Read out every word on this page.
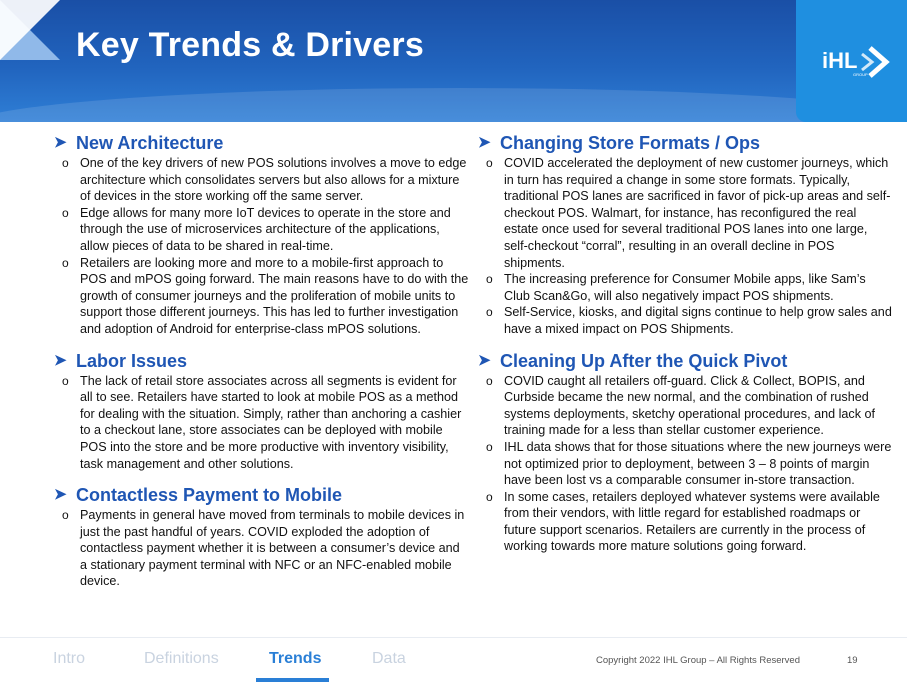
Key Trends & Drivers	iHL
GROUP
➤ New Architecture
o One of the key drivers of new POS solutions involves a move to edge architecture which consolidates servers but also allows for a mixture of devices in the store working off the same server.
o Edge allows for many more IoT devices to operate in the store and through the use of microservices architecture of the applications, allow pieces of data to be shared in real-time.
o Retailers are looking more and more to a mobile-first approach to POS and mPOS going forward. The main reasons have to do with the growth of consumer journeys and the proliferation of mobile units to support those different journeys. This has led to further investigation and adoption of Android for enterprise-class mPOS solutions.
➤ Labor Issues
o The lack of retail store associates across all segments is evident for all to see. Retailers have started to look at mobile POS as a method for dealing with the situation. Simply, rather than anchoring a cashier to a checkout lane, store associates can be deployed with mobile POS into the store and be more productive with inventory visibility, task management and other solutions.
➤ Contactless Payment to Mobile
o Payments in general have moved from terminals to mobile devices in just the past handful of years. COVID exploded the adoption of contactless payment whether it is between a consumer’s device and a stationary payment terminal with NFC or an NFC-enabled mobile device.
➤ Changing Store Formats / Ops
o COVID accelerated the deployment of new customer journeys, which in turn has required a change in some store formats. Typically, traditional POS lanes are sacrificed in favor of pick-up areas and self-checkout POS. Walmart, for instance, has reconfigured the real estate once used for several traditional POS lanes into one large, self-checkout “corral”, resulting in an overall decline in POS shipments.
o The increasing preference for Consumer Mobile apps, like Sam’s Club Scan&Go, will also negatively impact POS shipments.
o Self-Service, kiosks, and digital signs continue to help grow sales and have a mixed impact on POS Shipments.
➤ Cleaning Up After the Quick Pivot
o COVID caught all retailers off-guard. Click & Collect, BOPIS, and Curbside became the new normal, and the combination of rushed systems deployments, sketchy operational procedures, and lack of training made for a less than stellar customer experience.
o IHL data shows that for those situations where the new journeys were not optimized prior to deployment, between 3 – 8 points of margin have been lost vs a comparable consumer in-store transaction.
o In some cases, retailers deployed whatever systems were available from their vendors, with little regard for established roadmaps or future support scenarios. Retailers are currently in the process of working towards more mature solutions going forward.
Intro	Definitions	Trends	Data	Copyright 2022 IHL Group – All Rights Reserved	19
